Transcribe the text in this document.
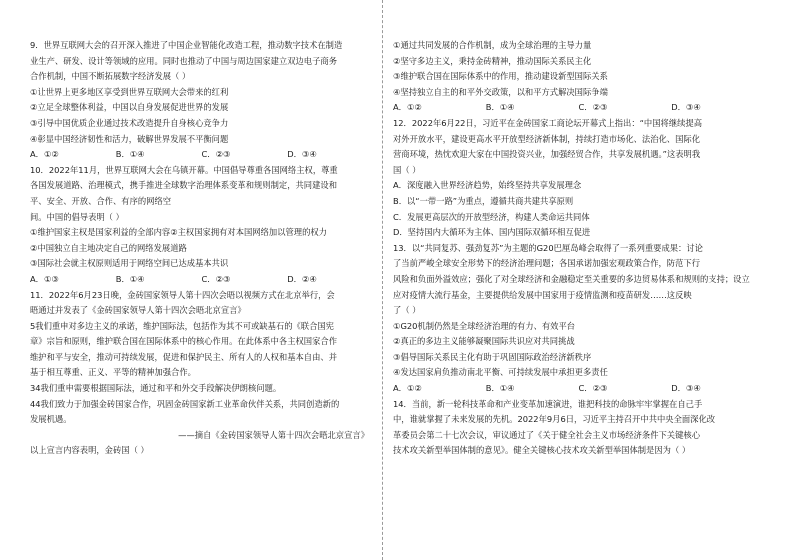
9．世界互联网大会的召开深入推进了中国企业智能化改造工程，推动数字技术在制造
业生产、研发、设计等领域的应用。同时也推动了中国与周边国家建立双边电子商务
合作机制，中国不断拓展数字经济发展（ ）
①让世界上更多地区享受到世界互联网大会带来的红利
②立足全球整体利益，中国以自身发展促进世界的发展
③引导中国优质企业通过技术改造提升自身核心竞争力
④彰显中国经济韧性和活力，破解世界发展不平衡问题
A．①②	B．①④	C．②③	D．③④
10．2022年11月，世界互联网大会在乌镇开幕。中国倡导尊重各国网络主权，尊重
各国发展道路、治理模式，携手推进全球数字治理体系变革和规则制定，共同建设和
平、安全、开放、合作、有序的网络空
间。中国的倡导表明（ ）
①维护国家主权是国家利益的全部内容②主权国家拥有对本国网络加以管理的权力
②中国独立自主地决定自己的网络发展道路
③国际社会就主权原则适用于网络空间已达成基本共识
A．①③	B．①④	C．②③	D．②④
11．2022年6月23日晚，金砖国家领导人第十四次会晤以视频方式在北京举行，会
晤通过并发表了《金砖国家领导人第十四次会晤北京宣言》
5我们重申对多边主义的承诺，维护国际法，包括作为其不可或缺基石的《联合国宪
章》宗旨和原则，维护联合国在国际体系中的核心作用。在此体系中各主权国家合作
维护和平与安全，推动可持续发展，促进和保护民主、所有人的人权和基本自由、并
基于相互尊重、正义、平等的精神加强合作。
34我们重申需要根据国际法，通过和平和外交手段解决伊朗核问题。
44我们致力于加强金砖国家合作，巩固金砖国家新工业革命伙伴关系，共同创造新的
发展机遇。
——摘自《金砖国家领导人第十四次会晤北京宣言》
以上宣言内容表明，金砖国（ ）
①通过共同发展的合作机制，成为全球治理的主导力量
②坚守多边主义，秉持金砖精神，推动国际关系民主化
③维护联合国在国际体系中的作用，推动建设新型国际关系
④坚持独立自主的和平外交政策，以和平方式解决国际争端
A．①②	B．①④	C．②③	D．③④
12．2022年6月22日，习近平在金砖国家工商论坛开幕式上指出：“中国将继续提高
对外开放水平，建设更高水平开放型经济新体制，持续打造市场化、法治化、国际化
营商环境，热忱欢迎大家在中国投资兴业，加强经贸合作，共享发展机遇。”这表明我
国（ ）
A．深度融入世界经济趋势，始终坚持共享发展理念
B．以“一带一路”为重点，遵循共商共建共享原则
C．发展更高层次的开放型经济，构建人类命运共同体
D．坚持国内大循环为主体、国内国际双循环相互促进
13．以“共同复苏、强劲复苏”为主题的G20巴厘岛峰会取得了一系列重要成果：讨论
了当前严峻全球安全形势下的经济治理问题；各国承诺加强宏观政策合作，防范下行
风险和负面外溢效应；强化了对全球经济和金融稳定至关重要的多边贸易体系和规则的支持；设立
应对疫情大流行基金，主要提供给发展中国家用于疫情监测和疫苗研发……这反映
了（ ）
①G20机制仍然是全球经济治理的有力、有效平台
②真正的多边主义能够凝聚国际共识应对共同挑战
③倡导国际关系民主化有助于巩固国际政治经济新秩序
④发达国家肩负推动南北平衡、可持续发展中承担更多责任
A．①②	B．①④	C．②③	D．③④
14．当前，新一轮科技革命和产业变革加速演进，谁把科技的命脉牢牢掌握在自己手
中，谁就掌握了未来发展的先机。2022年9月6日，习近平主持召开中共中央全面深化改
革委员会第二十七次会议，审议通过了《关于健全社会主义市场经济条件下关键核心
技术攻关新型举国体制的意见》。健全关键核心技术攻关新型举国体制是因为（ ）
